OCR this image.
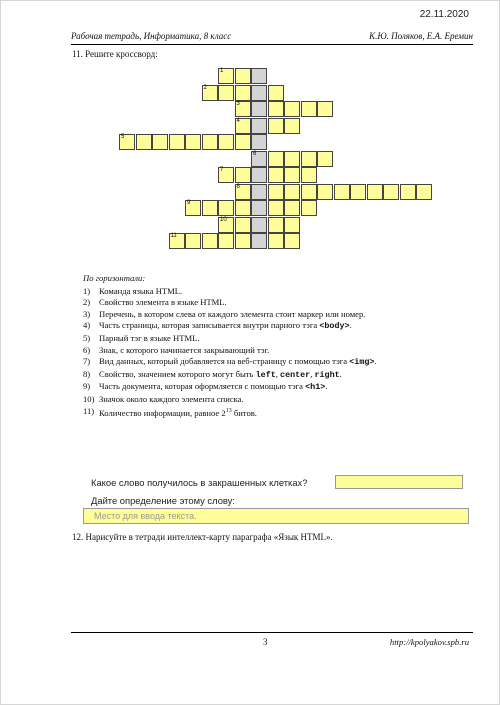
22.11.2020
Рабочая тетрадь, Информатика, 8 класс	К.Ю. Поляков, Е.А. Еремин
11. Решите кроссворд:
1
2
3
4
5
6
7
8
9
10
11
По горизонтали:
1) Команда языка HTML.
2) Свойство элемента в языке HTML.
3) Перечень, в котором слева от каждого элемента стоит маркер или номер.
4) Часть страницы, которая записывается внутри парного тэга <body>.
5) Парный тэг в языке HTML.
6) Знак, с которого начинается закрывающий тэг.
7) Вид данных, который добавляется на веб-страницу с помощью тэга <img>.
8) Свойство, значением которого могут быть left, center, right.
9) Часть документа, которая оформляется с помощью тэга <h1>.
10) Значок около каждого элемента списка.
11) Количество информации, равное $2^{13}$ битов.
Какое слово получилось в закрашенных клетках?
Дайте определение этому слову:
Место для ввода текста.
12. Нарисуйте в тетради интеллект-карту параграфа «Язык HTML».
3	http://kpolyakov.spb.ru
